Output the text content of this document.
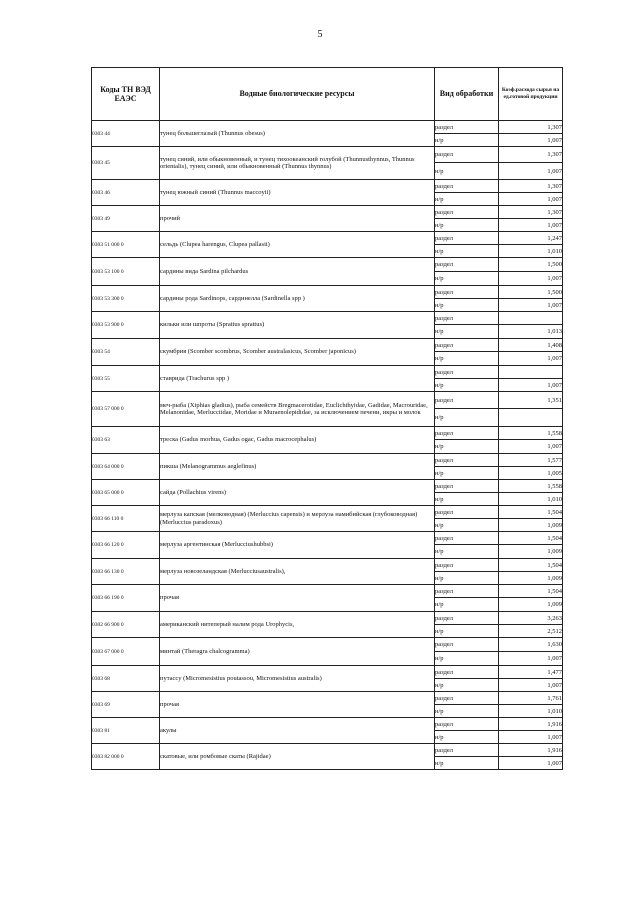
5
Коды ТН ВЭД ЕАЭС	Водные биологические ресурсы	Вид обработки	Коэф.расхода сырья на ед.готовой продукции
0303 44	тунец большеглазый (Thunnus obesus)	раздел	1,307
		н/р	1,007
0303 45	тунец синий, или обыкновенный, и тунец тихоокеанский голубой (Thunnusthynnus, Thunnus orientalis), тунец синий, или обыкновенный (Thunnus thynnus)	раздел	1,307
		н/р	1,007
0303 46	тунец южный синий (Thunnus maccoyii)	раздел	1,307
		н/р	1,007
0303 49	прочий	раздел	1,307
		н/р	1,007
0303 51 000 0	сельдь (Clupea harengus, Clupea pallasii)	раздел	1,247
		н/р	1,010
0303 53 100 0	сардины вида Sardina pilchardus	раздел	1,500
		н/р	1,007
0303 53 300 0	сардины рода Sardinops, сардинелла (Sardinella spp )	раздел	1,500
		н/р	1,007
0303 53 900 0	кильки или шпроты (Sprattus sprattus)	раздел	
		н/р	1,013
0303 54	скумбрия (Scomber scombrus, Scomber australasicus, Scomber japonicus)	раздел	1,408
		н/р	1,007
0303 55	ставрида (Trachurus spp )	раздел	
		н/р	1,007
0303 57 000 0	меч-рыба (Xiphias gladius), рыба семейств Bregmacerotidae, Euclichthyidae, Gadidae, Macrouridae, Melanonidae, Merlucciidae, Moridae и Muraenolepididae, за исключением печени, икры и молок	раздел	1,351
		н/р	
0303 63	треска (Gadus morhua, Gadus ogac, Gadus macrocephalus)	раздел	1,558
		н/р	1,007
0303 64 000 0	пикша (Melanogrammus aeglefinus)	раздел	1,577
		н/р	1,005
0303 65 000 0	сайда (Pollachius virens)	раздел	1,558
		н/р	1,010
0303 66 110 0	мерлуза капская (мелководная) (Merluccius capensis) и мерлуза намибийская (глубоководная) (Merluccius paradoxus)	раздел	1,504
		н/р	1,009
0303 66 120 0	мерлуза аргентинская (Merlucciushubbsi)	раздел	1,504
		н/р	1,009
0303 66 130 0	мерлуза новозеландская (Merlucciusaustralis),	раздел	1,504
		н/р	1,009
0303 66 190 0	прочая	раздел	1,504
		н/р	1,009
0302 66 900 0	американский нитеперый налим рода Urophycis,	раздел	3,263
		н/р	2,512
0303 67 000 0	минтай (Theragra chalcogramma)	раздел	1,630
		н/р	1,007
0303 68	путассу (Micromesistius poutassou, Micromesistius australis)	раздел	1,477
		н/р	1,007
0303 69	прочая	раздел	1,761
		н/р	1,010
0303 81	акулы	раздел	1,916
		н/р	1,007
0303 82 000 0	скатовые, или ромбовые скаты (Rajidae)	раздел	1,916
		н/р	1,007
